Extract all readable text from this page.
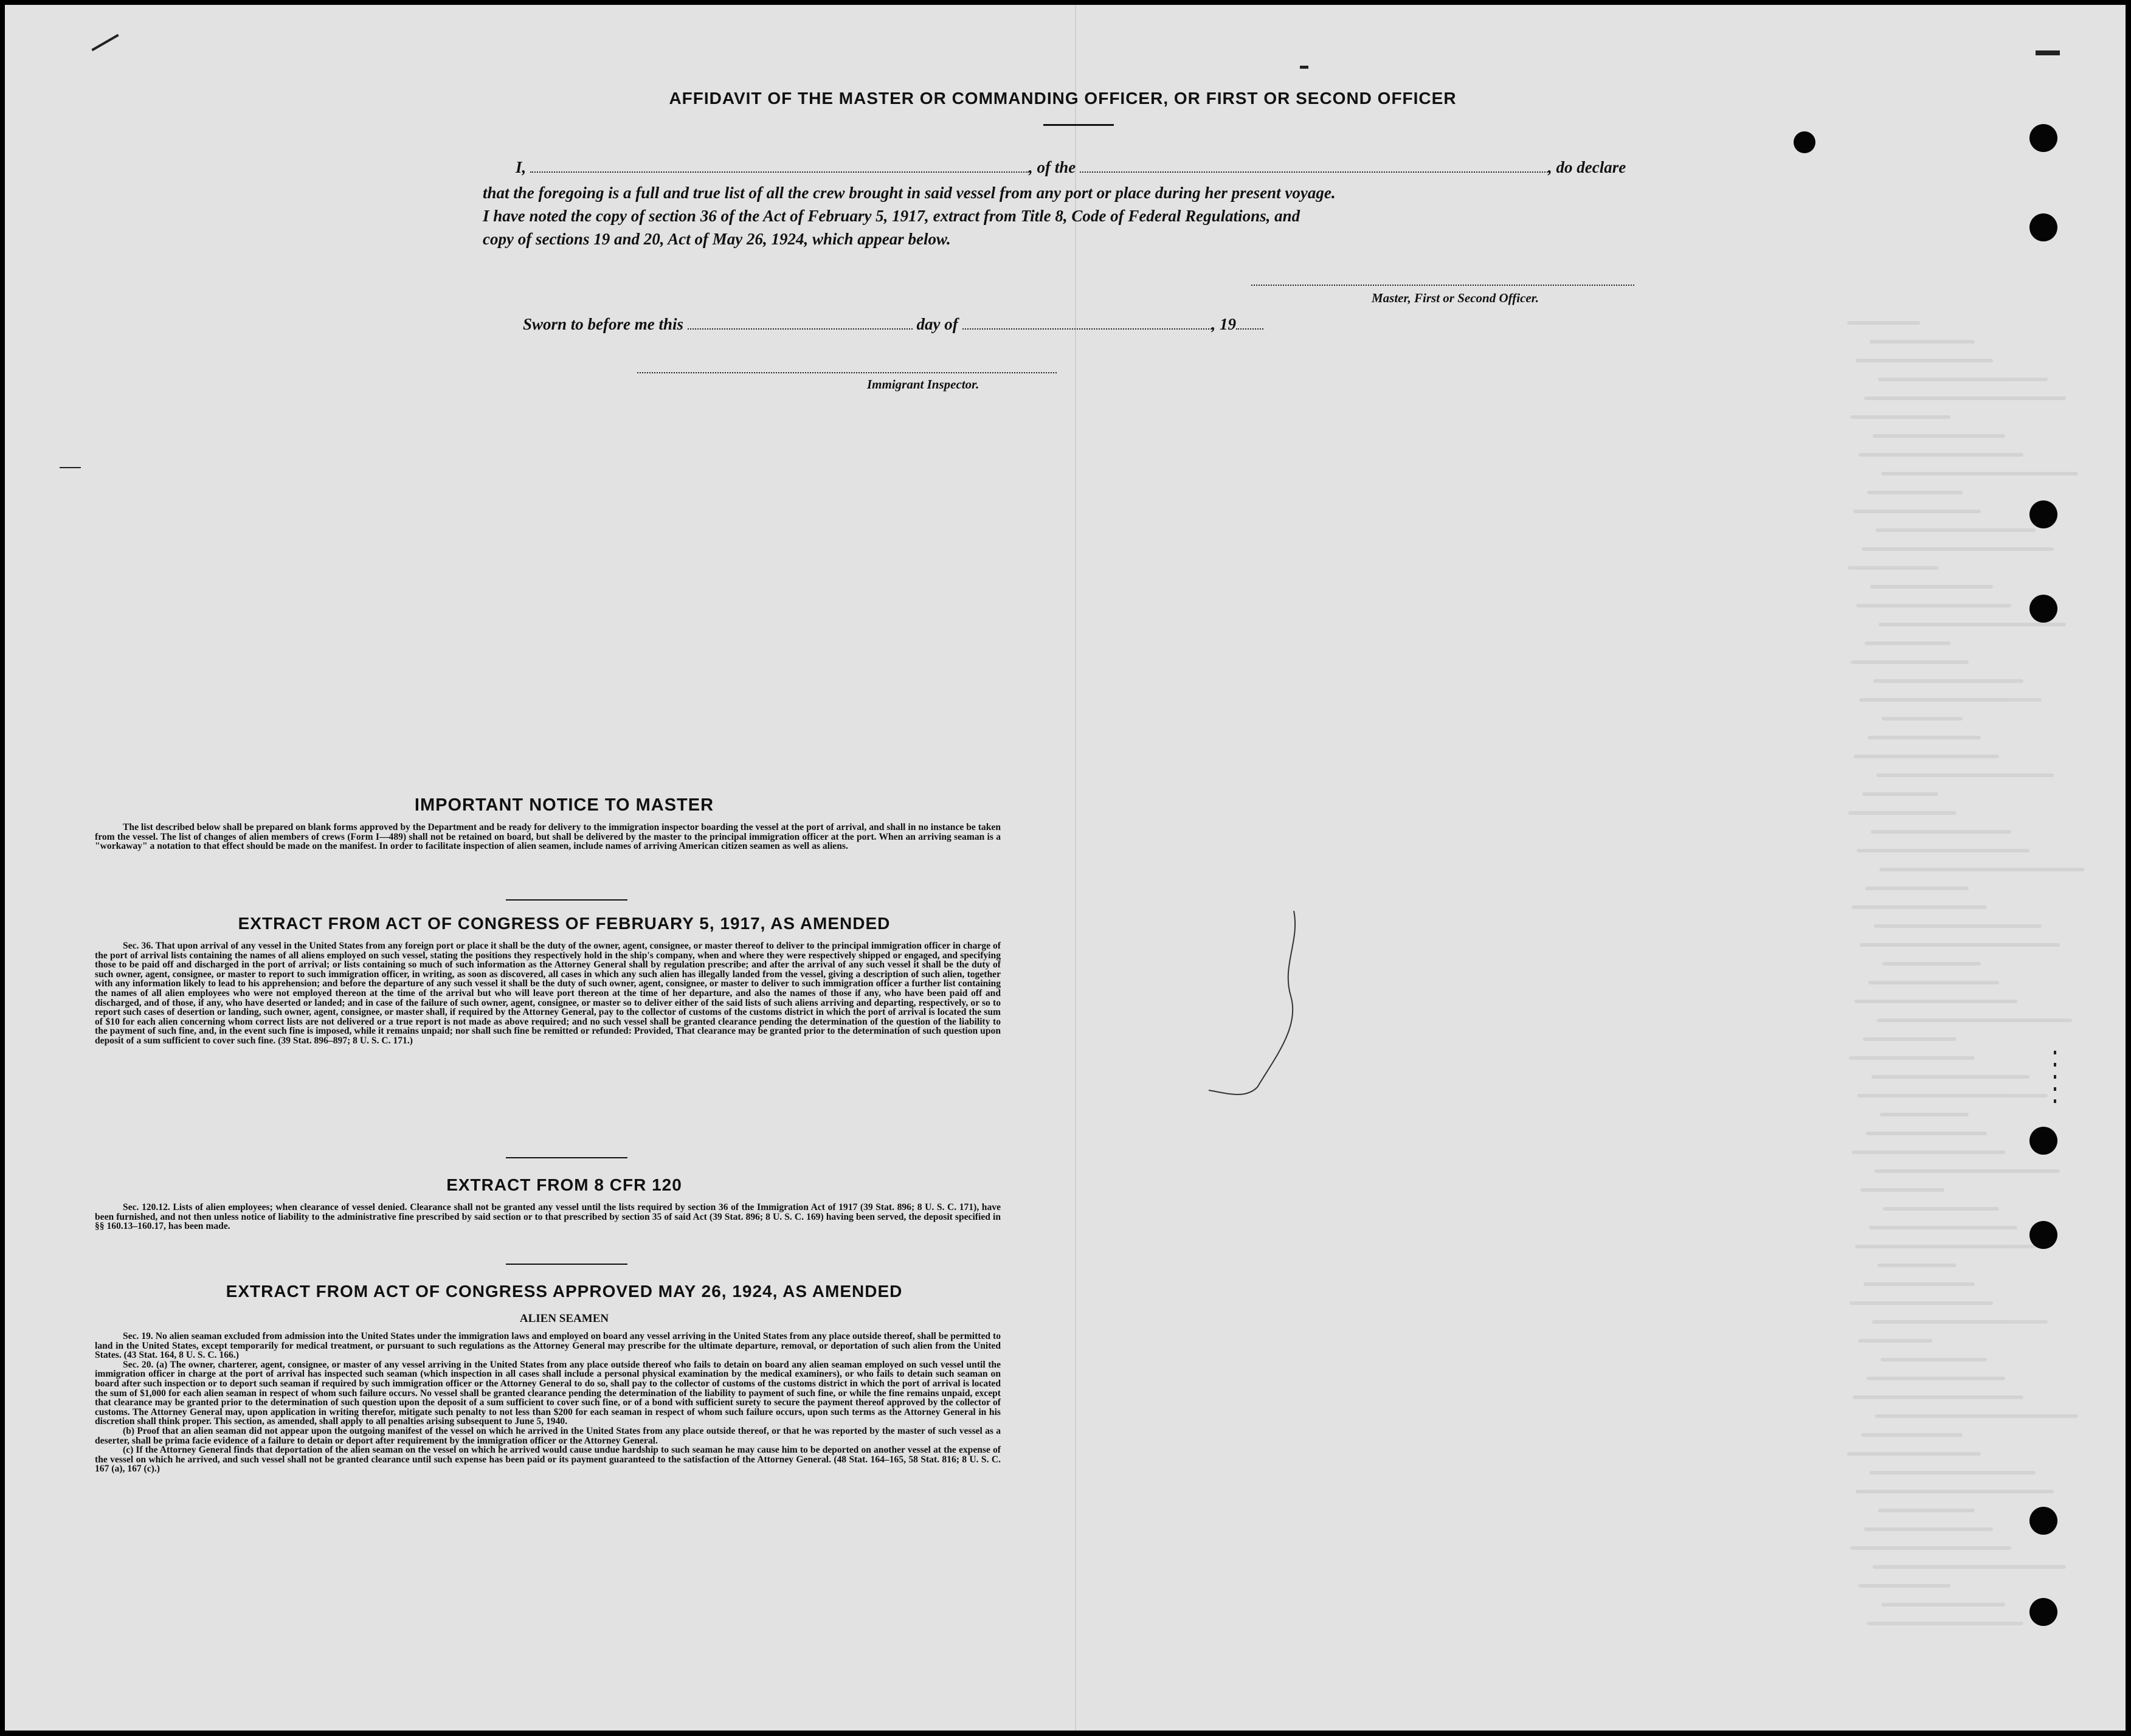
AFFIDAVIT OF THE MASTER OR COMMANDING OFFICER, OR FIRST OR SECOND OFFICER
I,	, of the	, do declare
that the foregoing is a full and true list of all the crew brought in said vessel from any port or place during her present voyage.
I have noted the copy of section 36 of the Act of February 5, 1917, extract from Title 8, Code of Federal Regulations, and
copy of sections 19 and 20, Act of May 26, 1924, which appear below.
Master, First or Second Officer.
Sworn to before me this	day of	, 19
Immigrant Inspector.
IMPORTANT NOTICE TO MASTER

The list described below shall be prepared on blank forms approved by the Department and be ready for delivery to the immigration inspector boarding the vessel at the port of arrival, and shall in no instance be taken from the vessel. The list of changes of alien members of crews (Form I—489) shall not be retained on board, but shall be delivered by the master to the principal immigration officer at the port. When an arriving seaman is a "workaway" a notation to that effect should be made on the manifest. In order to facilitate inspection of alien seamen, include names of arriving American citizen seamen as well as aliens.

EXTRACT FROM ACT OF CONGRESS OF FEBRUARY 5, 1917, AS AMENDED

Sec. 36. That upon arrival of any vessel in the United States from any foreign port or place it shall be the duty of the owner, agent, consignee, or master thereof to deliver to the principal immigration officer in charge of the port of arrival lists containing the names of all aliens employed on such vessel, stating the positions they respectively hold in the ship's company, when and where they were respectively shipped or engaged, and specifying those to be paid off and discharged in the port of arrival; or lists containing so much of such information as the Attorney General shall by regulation prescribe; and after the arrival of any such vessel it shall be the duty of such owner, agent, consignee, or master to report to such immigration officer, in writing, as soon as discovered, all cases in which any such alien has illegally landed from the vessel, giving a description of such alien, together with any information likely to lead to his apprehension; and before the departure of any such vessel it shall be the duty of such owner, agent, consignee, or master to deliver to such immigration officer a further list containing the names of all alien employees who were not employed thereon at the time of the arrival but who will leave port thereon at the time of her departure, and also the names of those if any, who have been paid off and discharged, and of those, if any, who have deserted or landed; and in case of the failure of such owner, agent, consignee, or master so to deliver either of the said lists of such aliens arriving and departing, respectively, or so to report such cases of desertion or landing, such owner, agent, consignee, or master shall, if required by the Attorney General, pay to the collector of customs of the customs district in which the port of arrival is located the sum of $10 for each alien concerning whom correct lists are not delivered or a true report is not made as above required; and no such vessel shall be granted clearance pending the determination of the question of the liability to the payment of such fine, and, in the event such fine is imposed, while it remains unpaid; nor shall such fine be remitted or refunded: Provided, That clearance may be granted prior to the determination of such question upon deposit of a sum sufficient to cover such fine. (39 Stat. 896–897; 8 U. S. C. 171.)

EXTRACT FROM 8 CFR 120

Sec. 120.12. Lists of alien employees; when clearance of vessel denied. Clearance shall not be granted any vessel until the lists required by section 36 of the Immigration Act of 1917 (39 Stat. 896; 8 U. S. C. 171), have been furnished, and not then unless notice of liability to the administrative fine prescribed by said section or to that prescribed by section 35 of said Act (39 Stat. 896; 8 U. S. C. 169) having been served, the deposit specified in §§ 160.13–160.17, has been made.

EXTRACT FROM ACT OF CONGRESS APPROVED MAY 26, 1924, AS AMENDED
ALIEN SEAMEN

Sec. 19. No alien seaman excluded from admission into the United States under the immigration laws and employed on board any vessel arriving in the United States from any place outside thereof, shall be permitted to land in the United States, except temporarily for medical treatment, or pursuant to such regulations as the Attorney General may prescribe for the ultimate departure, removal, or deportation of such alien from the United States. (43 Stat. 164, 8 U. S. C. 166.)

Sec. 20. (a) The owner, charterer, agent, consignee, or master of any vessel arriving in the United States from any place outside thereof who fails to detain on board any alien seaman employed on such vessel until the immigration officer in charge at the port of arrival has inspected such seaman (which inspection in all cases shall include a personal physical examination by the medical examiners), or who fails to detain such seaman on board after such inspection or to deport such seaman if required by such immigration officer or the Attorney General to do so, shall pay to the collector of customs of the customs district in which the port of arrival is located the sum of $1,000 for each alien seaman in respect of whom such failure occurs. No vessel shall be granted clearance pending the determination of the liability to payment of such fine, or while the fine remains unpaid, except that clearance may be granted prior to the determination of such question upon the deposit of a sum sufficient to cover such fine, or of a bond with sufficient surety to secure the payment thereof approved by the collector of customs. The Attorney General may, upon application in writing therefor, mitigate such penalty to not less than $200 for each seaman in respect of whom such failure occurs, upon such terms as the Attorney General in his discretion shall think proper. This section, as amended, shall apply to all penalties arising subsequent to June 5, 1940.

(b) Proof that an alien seaman did not appear upon the outgoing manifest of the vessel on which he arrived in the United States from any place outside thereof, or that he was reported by the master of such vessel as a deserter, shall be prima facie evidence of a failure to detain or deport after requirement by the immigration officer or the Attorney General.

(c) If the Attorney General finds that deportation of the alien seaman on the vessel on which he arrived would cause undue hardship to such seaman he may cause him to be deported on another vessel at the expense of the vessel on which he arrived, and such vessel shall not be granted clearance until such expense has been paid or its payment guaranteed to the satisfaction of the Attorney General. (48 Stat. 164–165, 58 Stat. 816; 8 U. S. C. 167 (a), 167 (c).)
